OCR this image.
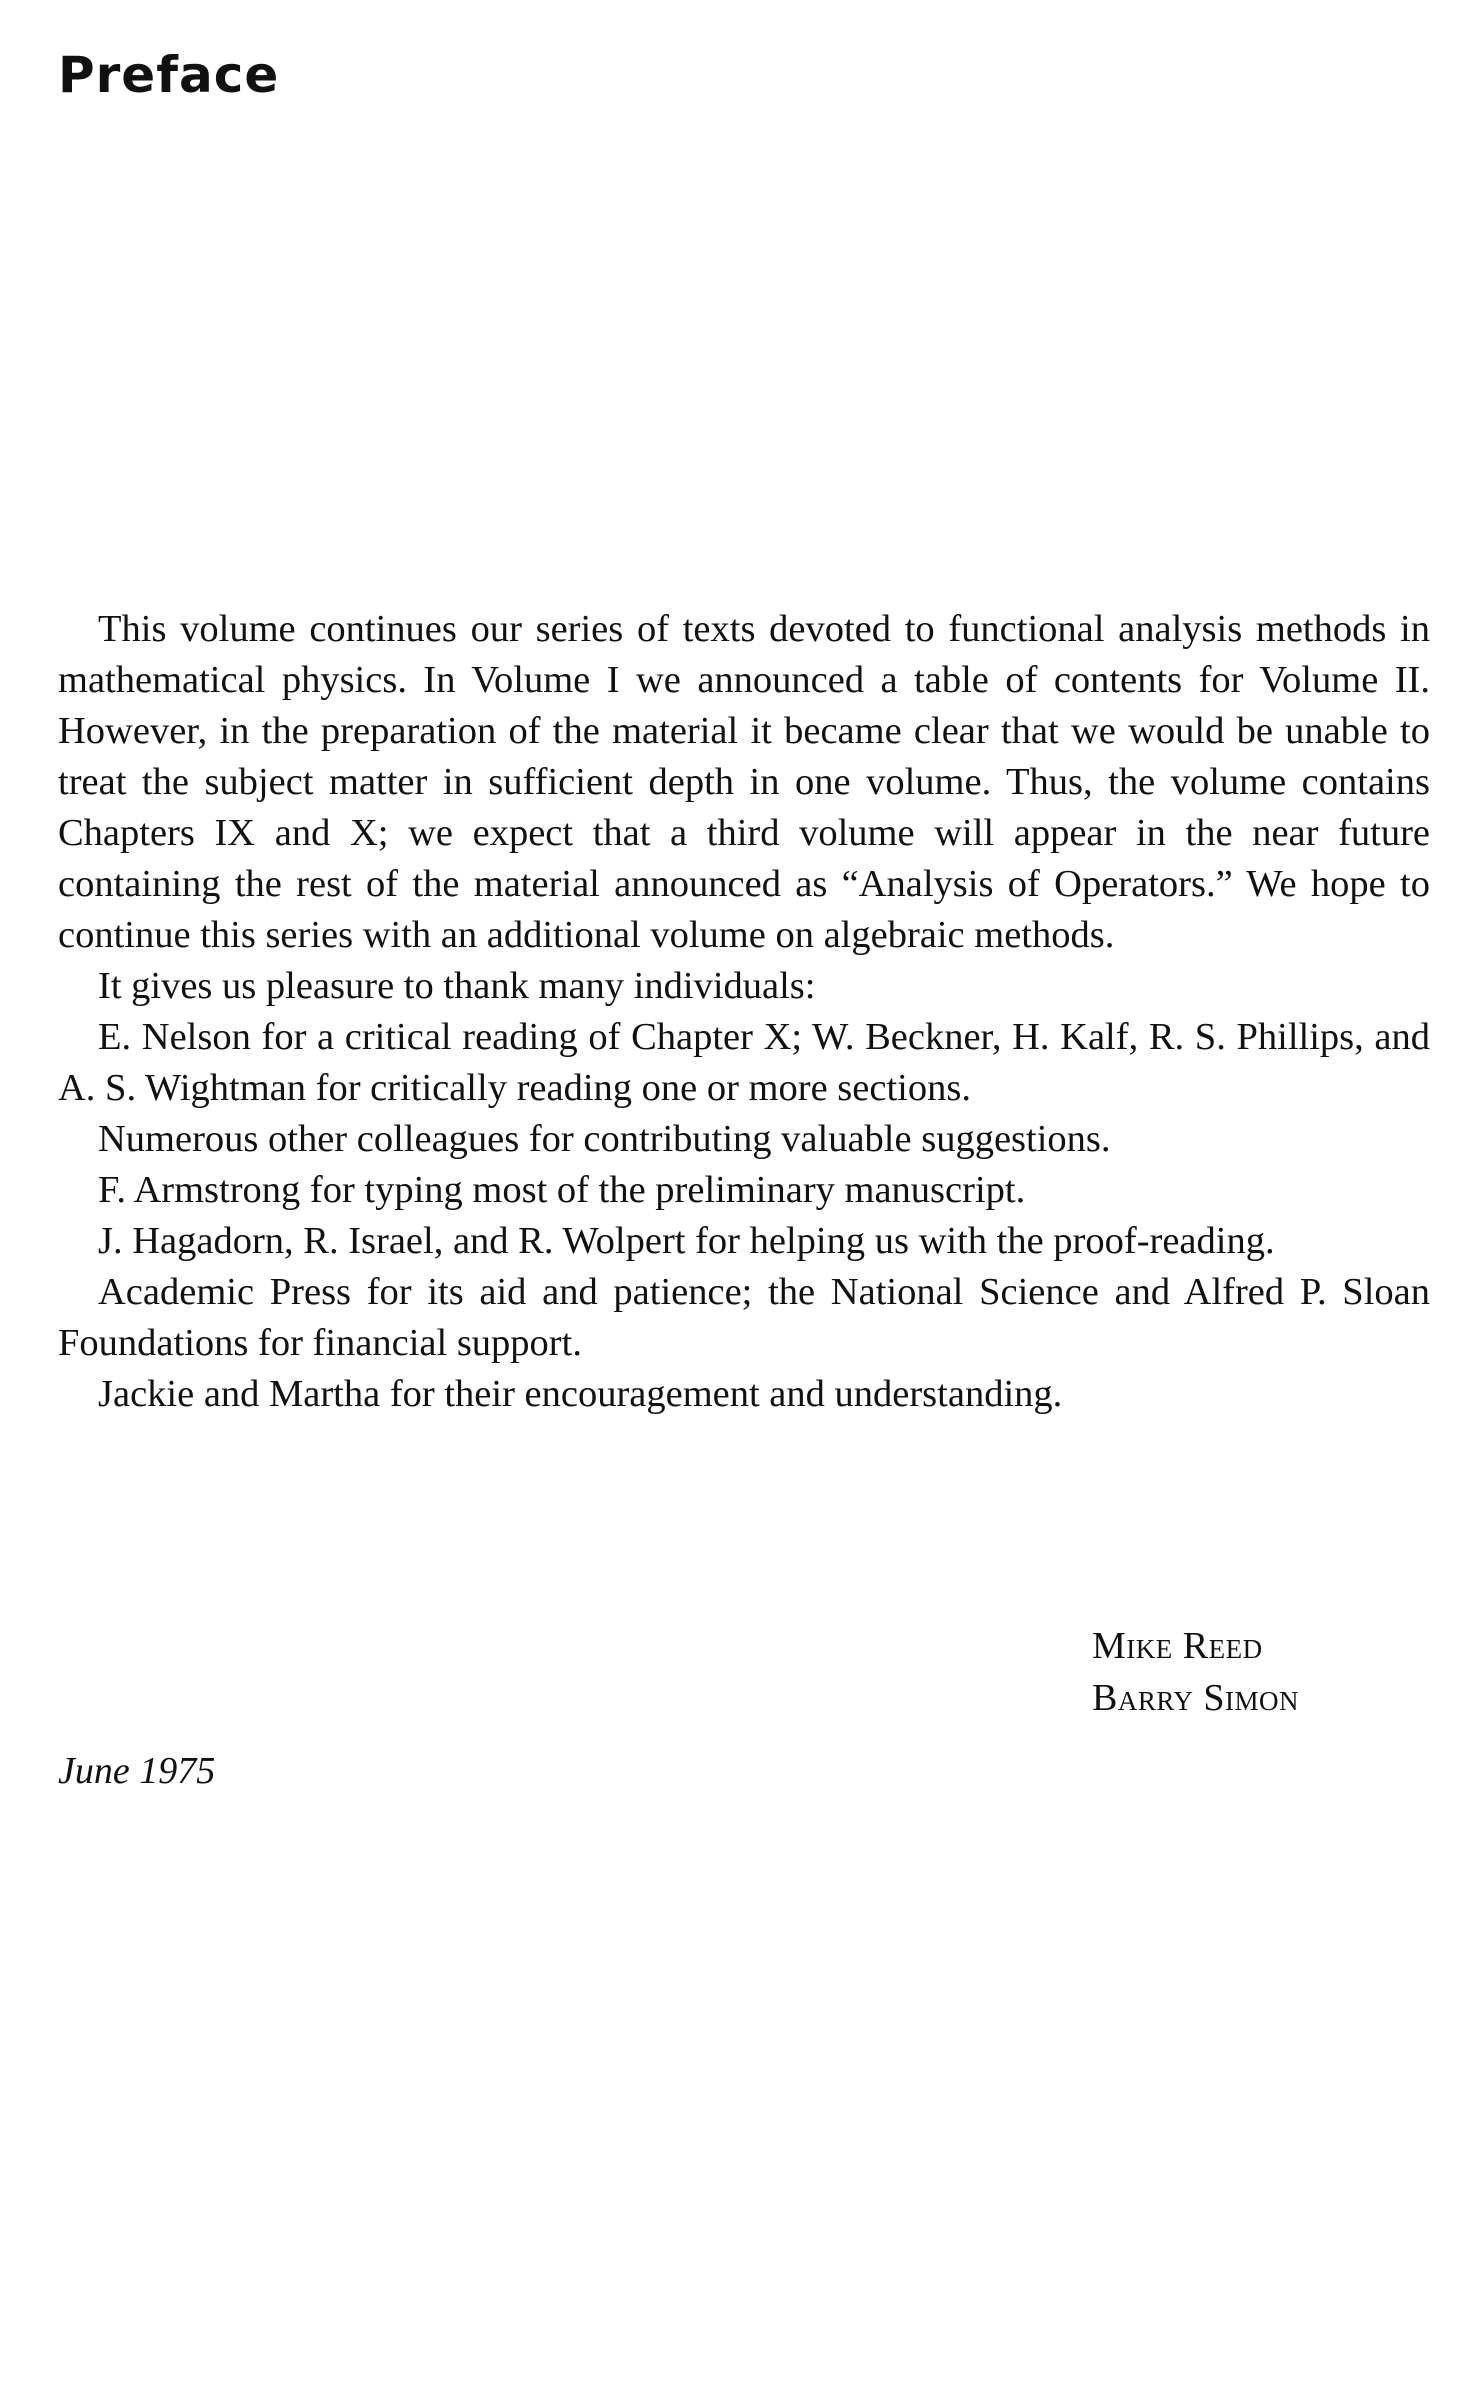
Preface

This volume continues our series of texts devoted to functional analysis methods in mathematical physics. In Volume I we announced a table of contents for Volume II. However, in the preparation of the material it became clear that we would be unable to treat the subject matter in sufficient depth in one volume. Thus, the volume contains Chapters IX and X; we expect that a third volume will appear in the near future containing the rest of the material announced as “Analysis of Operators.” We hope to continue this series with an additional volume on algebraic methods.

It gives us pleasure to thank many individuals:

E. Nelson for a critical reading of Chapter X; W. Beckner, H. Kalf, R. S. Phillips, and A. S. Wightman for critically reading one or more sections.

Numerous other colleagues for contributing valuable suggestions.

F. Armstrong for typing most of the preliminary manuscript.

J. Hagadorn, R. Israel, and R. Wolpert for helping us with the proof-reading.

Academic Press for its aid and patience; the National Science and Alfred P. Sloan Foundations for financial support.

Jackie and Martha for their encouragement and understanding.

Mike Reed
Barry Simon
June 1975
